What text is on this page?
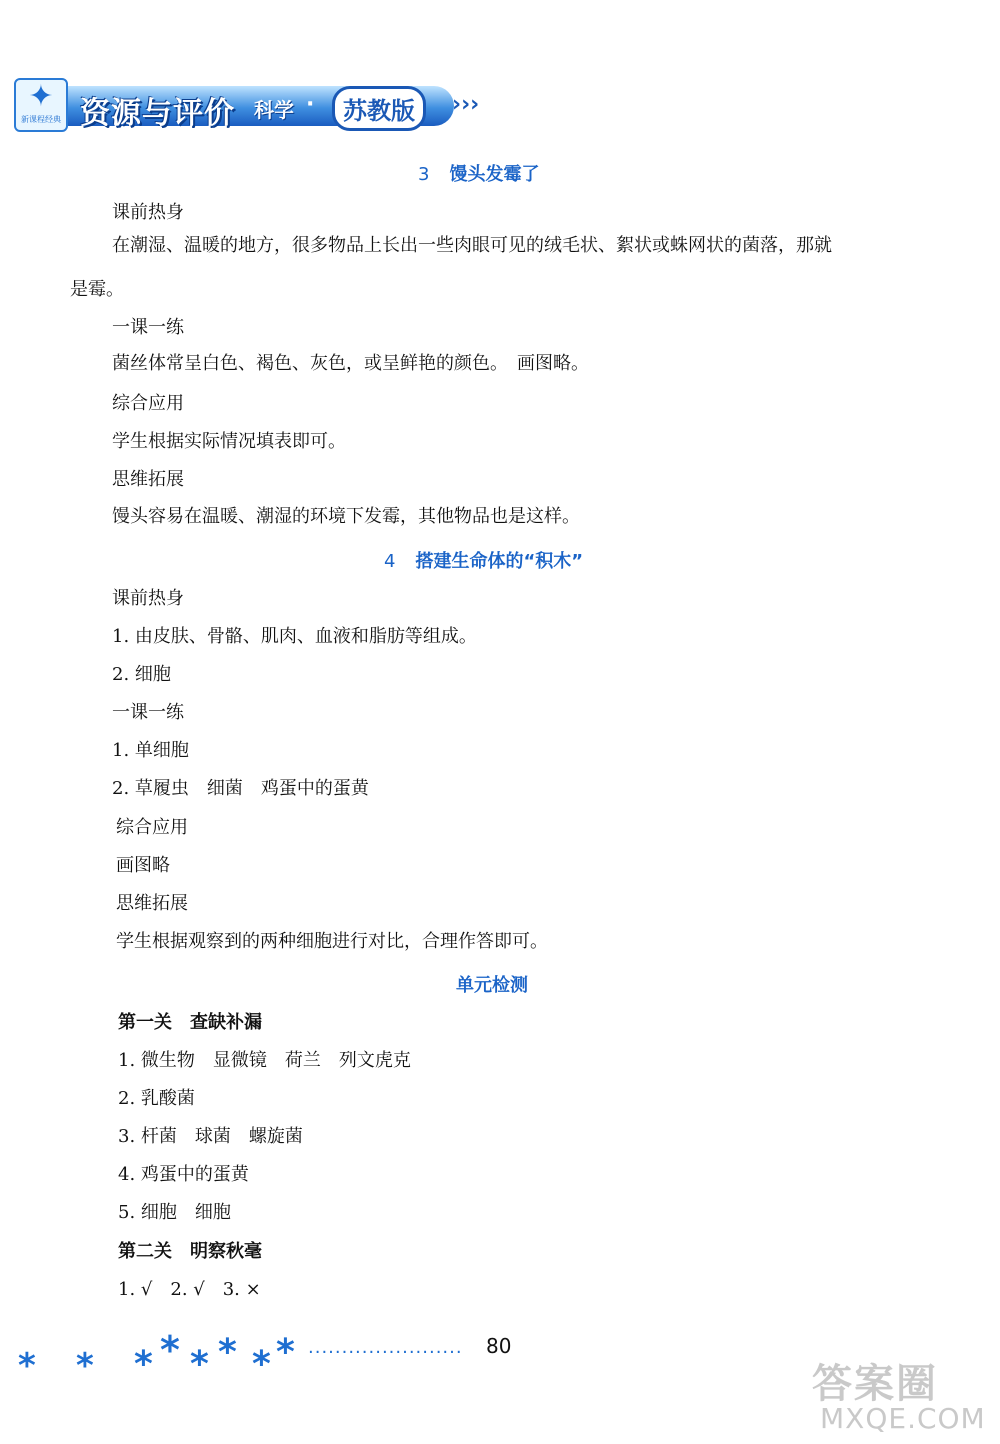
✦
新课程经典 资源与评价 科学 ·	苏教版	›››
3 馒头发霉了
课前热身
在潮湿、温暖的地方，很多物品上长出一些肉眼可见的绒毛状、絮状或蛛网状的菌落，那就
是霉。
一课一练
菌丝体常呈白色、褐色、灰色，或呈鲜艳的颜色。　画图略。
综合应用
学生根据实际情况填表即可。
思维拓展
馒头容易在温暖、潮湿的环境下发霉，其他物品也是这样。
4 搭建生命体的“积木”
课前热身
1. 由皮肤、骨骼、肌肉、血液和脂肪等组成。
2. 细胞
一课一练
1. 单细胞
2. 草履虫　细菌　鸡蛋中的蛋黄
综合应用
画图略
思维拓展
学生根据观察到的两种细胞进行对比，合理作答即可。
单元检测
第一关　查缺补漏
1. 微生物　显微镜　荷兰　列文虎克
2. 乳酸菌
3. 杆菌　球菌　螺旋菌
4. 鸡蛋中的蛋黄
5. 细胞　细胞
第二关　明察秋毫
1. √　2. √　3. ×
* * * * * * * * ······················· 80
答案圈
MXQE.COM
